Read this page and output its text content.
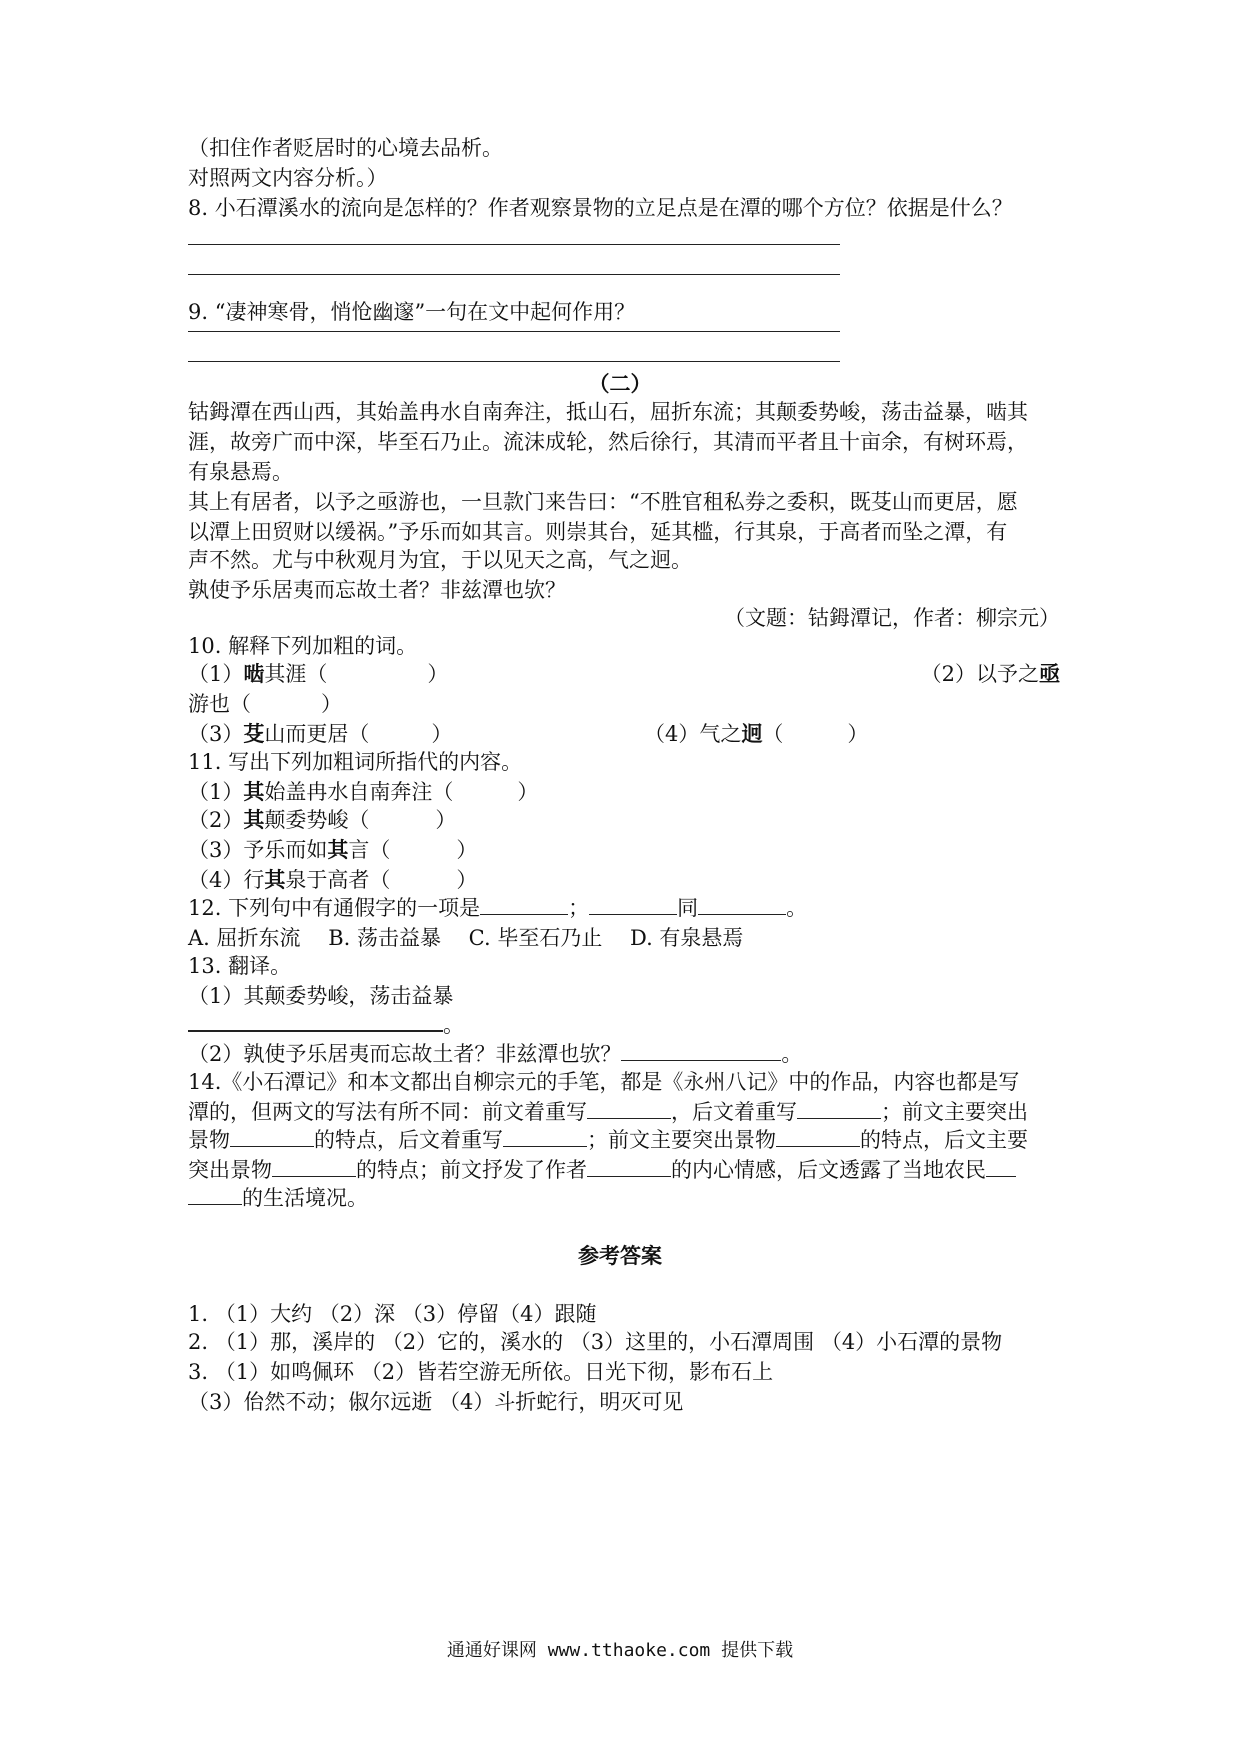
（扣住作者贬居时的心境去品析。
对照两文内容分析。）
8. 小石潭溪水的流向是怎样的？作者观察景物的立足点是在潭的哪个方位？依据是什么？
9. “凄神寒骨，悄怆幽邃”一句在文中起何作用？
（二）
钴鉧潭在西山西，其始盖冉水自南奔注，抵山石，屈折东流；其颠委势峻，荡击益暴，啮其
涯，故旁广而中深，毕至石乃止。流沫成轮，然后徐行，其清而平者且十亩余，有树环焉，
有泉悬焉。
其上有居者，以予之亟游也，一旦款门来告曰：“不胜官租私券之委积，既芟山而更居，愿
以潭上田贸财以缓祸。”予乐而如其言。则崇其台，延其槛，行其泉，于高者而坠之潭，有
声不然。尤与中秋观月为宜，于以见天之高，气之迥。
孰使予乐居夷而忘故土者？非兹潭也欤？
（文题：钴鉧潭记，作者：柳宗元）
10. 解释下列加粗的词。
（1）啮其涯（	）	（2）以予之亟
游也（	）
（3）芟山而更居（	）	（4）气之迥（	）
11. 写出下列加粗词所指代的内容。
（1）其始盖冉水自南奔注（	）
（2）其颠委势峻（	）
（3）予乐而如其言（	）
（4）行其泉于高者（	）
12. 下列句中有通假字的一项是	；	同	。
A. 屈折东流　 B. 荡击益暴　 C. 毕至石乃止　 D. 有泉悬焉
13. 翻译。
（1）其颠委势峻，荡击益暴
。
（2）孰使予乐居夷而忘故土者？非兹潭也欤？	。
14.《小石潭记》和本文都出自柳宗元的手笔，都是《永州八记》中的作品，内容也都是写
潭的，但两文的写法有所不同：前文着重写	，后文着重写	；前文主要突出
景物	的特点，后文着重写	；前文主要突出景物	的特点，后文主要
突出景物	的特点；前文抒发了作者	的内心情感，后文透露了当地农民
的生活境况。
参考答案
1. （1）大约 （2）深 （3）停留（4）跟随
2. （1）那，溪岸的 （2）它的，溪水的 （3）这里的，小石潭周围 （4）小石潭的景物
3. （1）如鸣佩环 （2）皆若空游无所依。日光下彻，影布石上
（3）佁然不动；俶尔远逝 （4）斗折蛇行，明灭可见
通通好课网 www.tthaoke.com 提供下载
